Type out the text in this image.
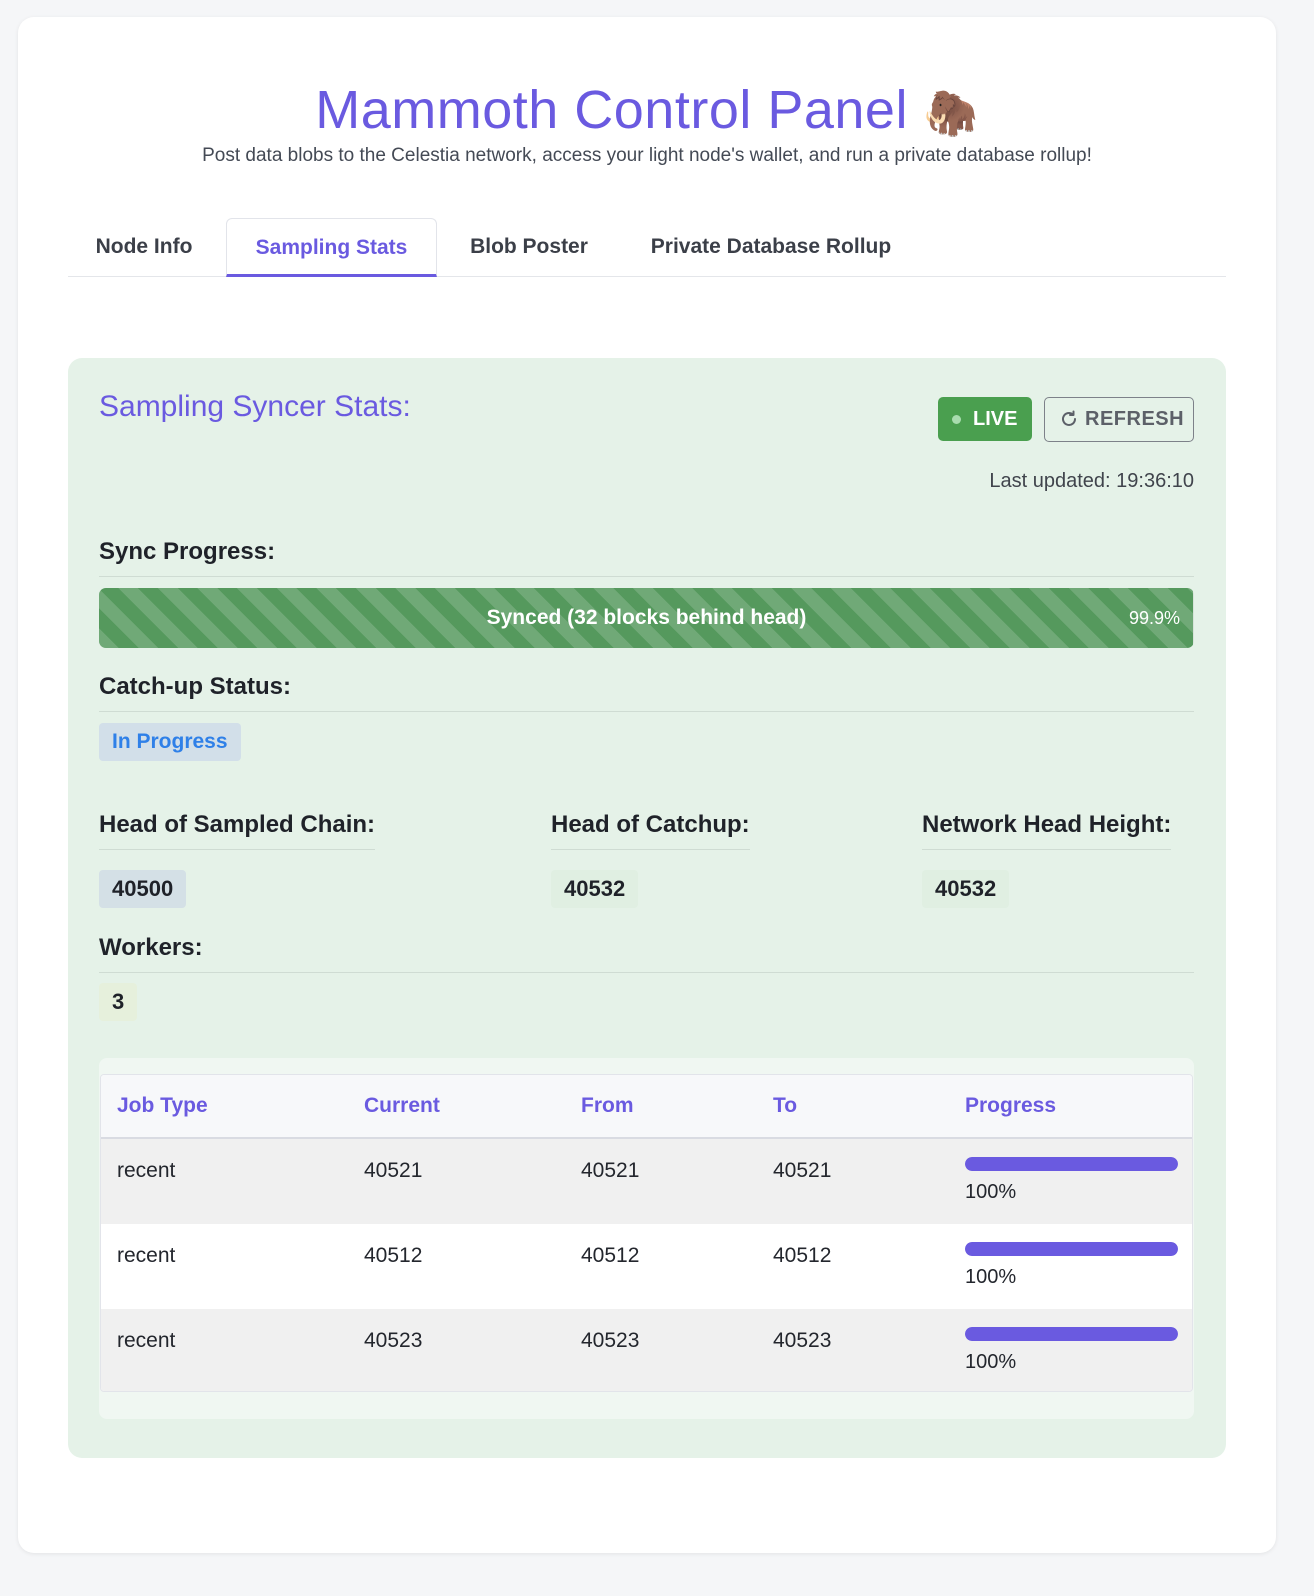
Mammoth Control Panel 🦣
Post data blobs to the Celestia network, access your light node's wallet, and run a private database rollup!
Node Info	Sampling Stats	Blob Poster	Private Database Rollup
Sampling Syncer Stats:	LIVE	REFRESH
Last updated: 19:36:10
Sync Progress:
Synced (32 blocks behind head)	99.9%
Catch-up Status:
In Progress
Head of Sampled Chain:
40500
Head of Catchup:
40532
Network Head Height:
40532
Workers:
3
Job Type	Current	From	To	Progress
recent	40521	40521	40521
100%
recent	40512	40512	40512
100%
recent	40523	40523	40523
100%
